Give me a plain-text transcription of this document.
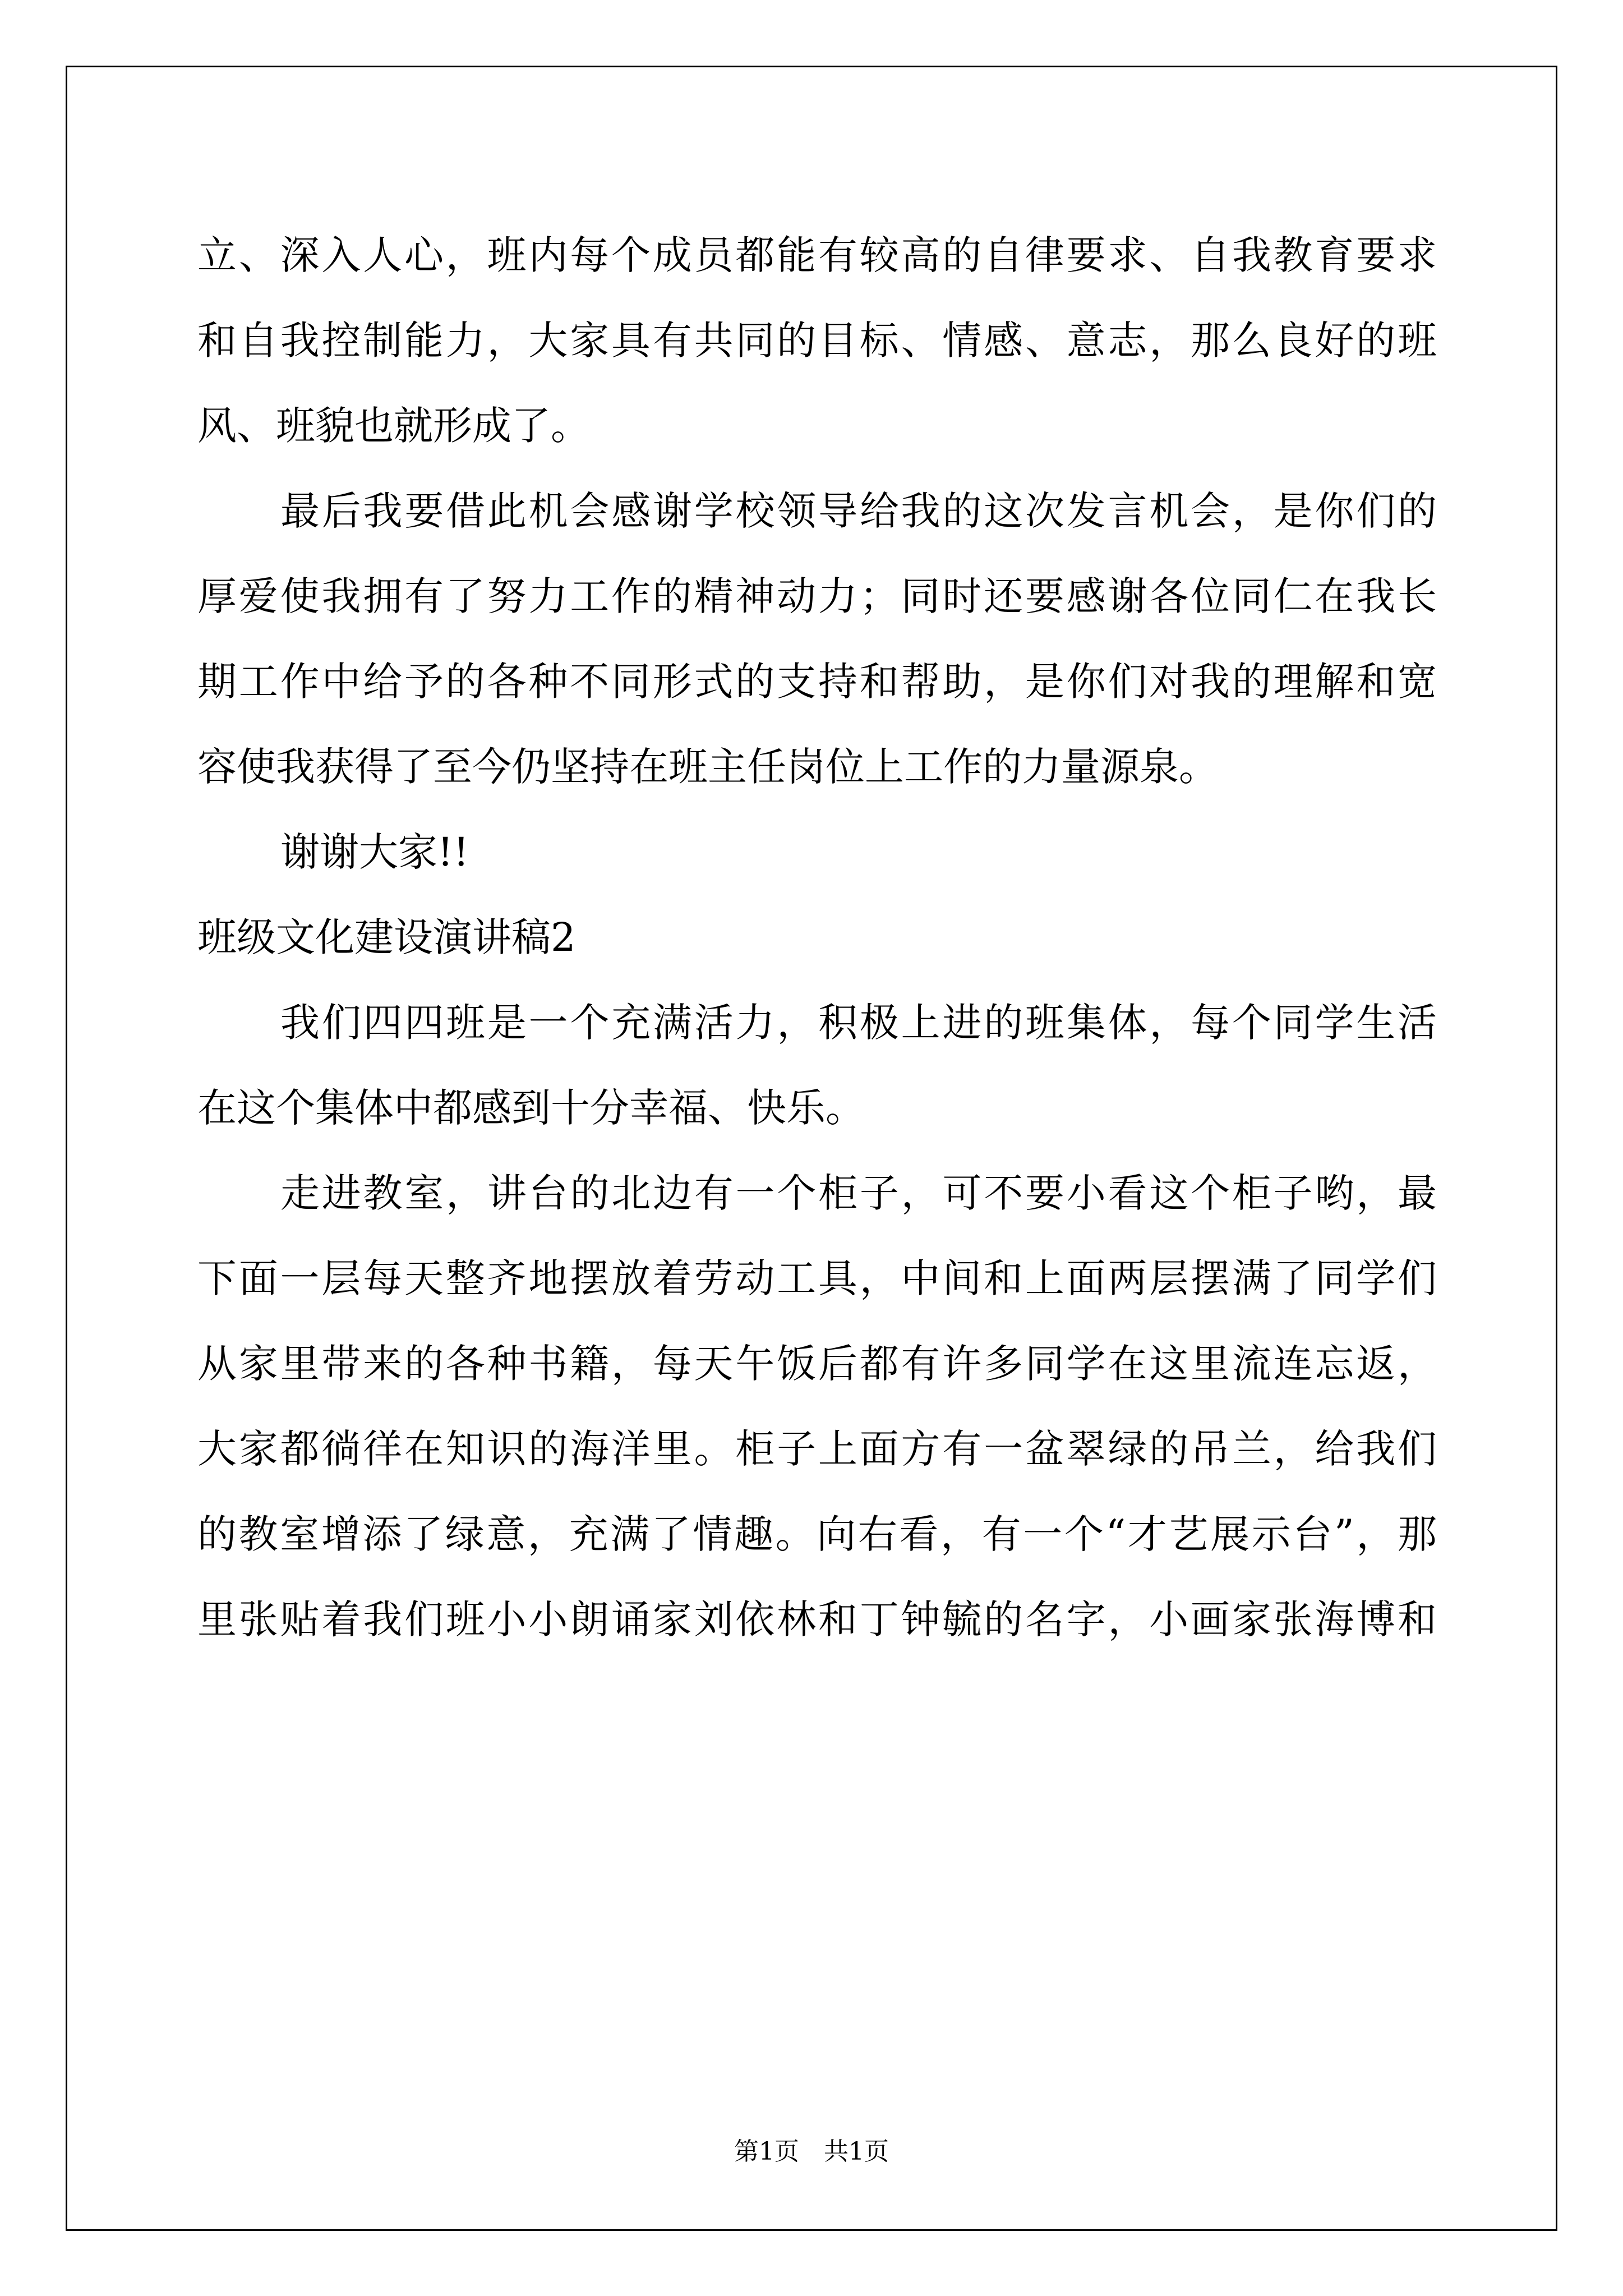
立、深入人心，班内每个成员都能有较高的自律要求、自我教育要求
和自我控制能力，大家具有共同的目标、情感、意志，那么良好的班
风、班貌也就形成了。
最后我要借此机会感谢学校领导给我的这次发言机会，是你们的
厚爱使我拥有了努力工作的精神动力；同时还要感谢各位同仁在我长
期工作中给予的各种不同形式的支持和帮助，是你们对我的理解和宽
容使我获得了至今仍坚持在班主任岗位上工作的力量源泉。
谢谢大家!!
班级文化建设演讲稿2
我们四四班是一个充满活力，积极上进的班集体，每个同学生活
在这个集体中都感到十分幸福、快乐。
走进教室，讲台的北边有一个柜子，可不要小看这个柜子哟，最
下面一层每天整齐地摆放着劳动工具，中间和上面两层摆满了同学们
从家里带来的各种书籍，每天午饭后都有许多同学在这里流连忘返，
大家都徜徉在知识的海洋里。柜子上面方有一盆翠绿的吊兰，给我们
的教室增添了绿意，充满了情趣。向右看，有一个“才艺展示台”，那
里张贴着我们班小小朗诵家刘依林和丁钟毓的名字，小画家张海博和
第1页　共1页
